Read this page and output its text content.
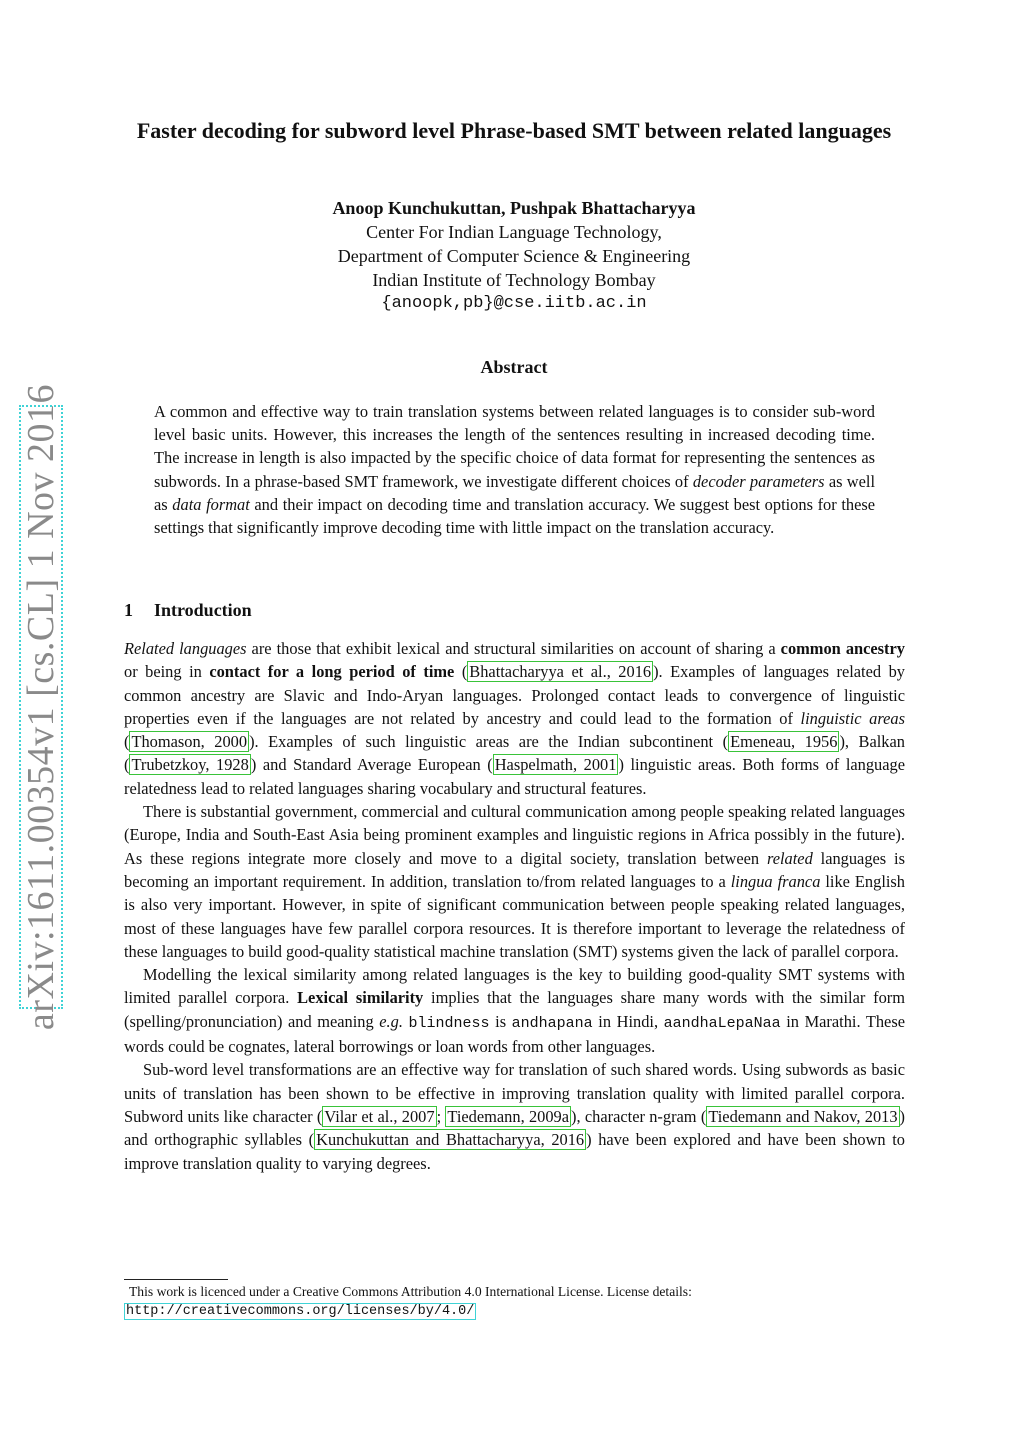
arXiv:1611.00354v1 [cs.CL] 1 Nov 2016
Faster decoding for subword level Phrase-based SMT between related languages
Anoop Kunchukuttan, Pushpak Bhattacharyya
Center For Indian Language Technology,
Department of Computer Science & Engineering
Indian Institute of Technology Bombay
{anoopk,pb}@cse.iitb.ac.in
Abstract
A common and effective way to train translation systems between related languages is to consider sub-word level basic units. However, this increases the length of the sentences resulting in increased decoding time. The increase in length is also impacted by the specific choice of data format for representing the sentences as subwords. In a phrase-based SMT framework, we investigate different choices of decoder parameters as well as data format and their impact on decoding time and translation accuracy. We suggest best options for these settings that significantly improve decoding time with little impact on the translation accuracy.
1 Introduction

Related languages are those that exhibit lexical and structural similarities on account of sharing a common ancestry or being in contact for a long period of time ( Bhattacharyya et al., 2016 ). Examples of languages related by common ancestry are Slavic and Indo-Aryan languages. Prolonged contact leads to convergence of linguistic properties even if the languages are not related by ancestry and could lead to the formation of linguistic areas ( Thomason, 2000 ). Examples of such linguistic areas are the Indian subcontinent ( Emeneau, 1956 ), Balkan ( Trubetzkoy, 1928 ) and Standard Average European ( Haspelmath, 2001 ) linguistic areas. Both forms of language relatedness lead to related languages sharing vocabulary and structural features.

There is substantial government, commercial and cultural communication among people speaking related languages (Europe, India and South-East Asia being prominent examples and linguistic regions in Africa possibly in the future). As these regions integrate more closely and move to a digital society, translation between related languages is becoming an important requirement. In addition, translation to/from related languages to a lingua franca like English is also very important. However, in spite of significant communication between people speaking related languages, most of these languages have few parallel corpora resources. It is therefore important to leverage the relatedness of these languages to build good-quality statistical machine translation (SMT) systems given the lack of parallel corpora.

Modelling the lexical similarity among related languages is the key to building good-quality SMT systems with limited parallel corpora. Lexical similarity implies that the languages share many words with the similar form (spelling/pronunciation) and meaning e.g. blindness is andhapana in Hindi, aandhaLepaNaa in Marathi. These words could be cognates, lateral borrowings or loan words from other languages.

Sub-word level transformations are an effective way for translation of such shared words. Using subwords as basic units of translation has been shown to be effective in improving translation quality with limited parallel corpora. Subword units like character ( Vilar et al., 2007 ; Tiedemann, 2009a ), character n-gram ( Tiedemann and Nakov, 2013 ) and orthographic syllables ( Kunchukuttan and Bhattacharyya, 2016 ) have been explored and have been shown to improve translation quality to varying degrees.

This work is licenced under a Creative Commons Attribution 4.0 International License. License details:
http://creativecommons.org/licenses/by/4.0/
